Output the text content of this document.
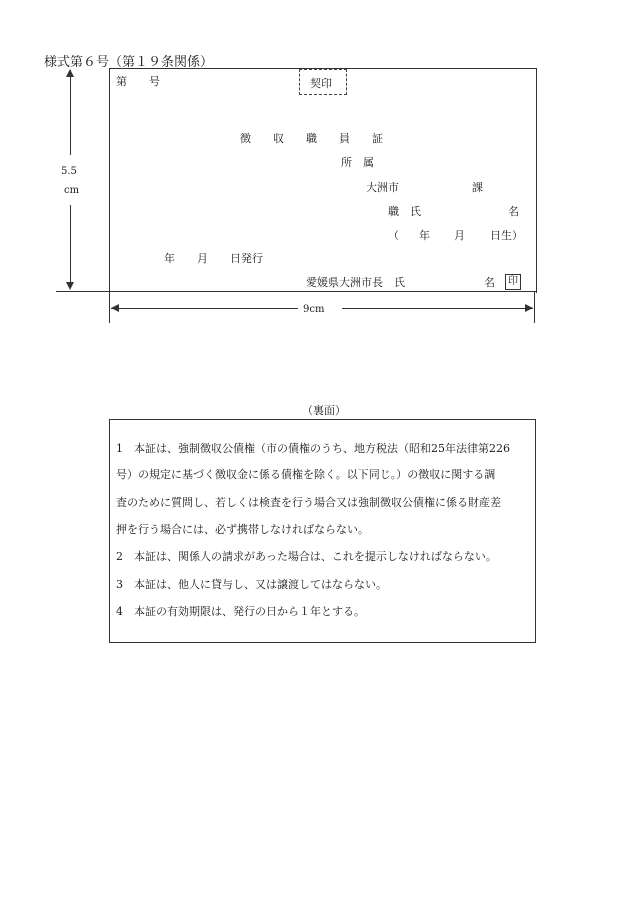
様式第６号（第１９条関係）
第　　号	契印
徴　　収　　職　　員　　証
所　属
大洲市	課
職　氏	名
（ 年 月 日生）
年　　月　　日発行
愛媛県大洲市長　氏	名	印
9cm
5.5
cm
（裏面）
1　本証は、強制徴収公債権（市の債権のうち、地方税法（昭和25年法律第226
号）の規定に基づく徴収金に係る債権を除く。以下同じ。）の徴収に関する調
査のために質問し、若しくは検査を行う場合又は強制徴収公債権に係る財産差
押を行う場合には、必ず携帯しなければならない。
2　本証は、関係人の請求があった場合は、これを提示しなければならない。
3　本証は、他人に貸与し、又は譲渡してはならない。
4　本証の有効期限は、発行の日から１年とする。
